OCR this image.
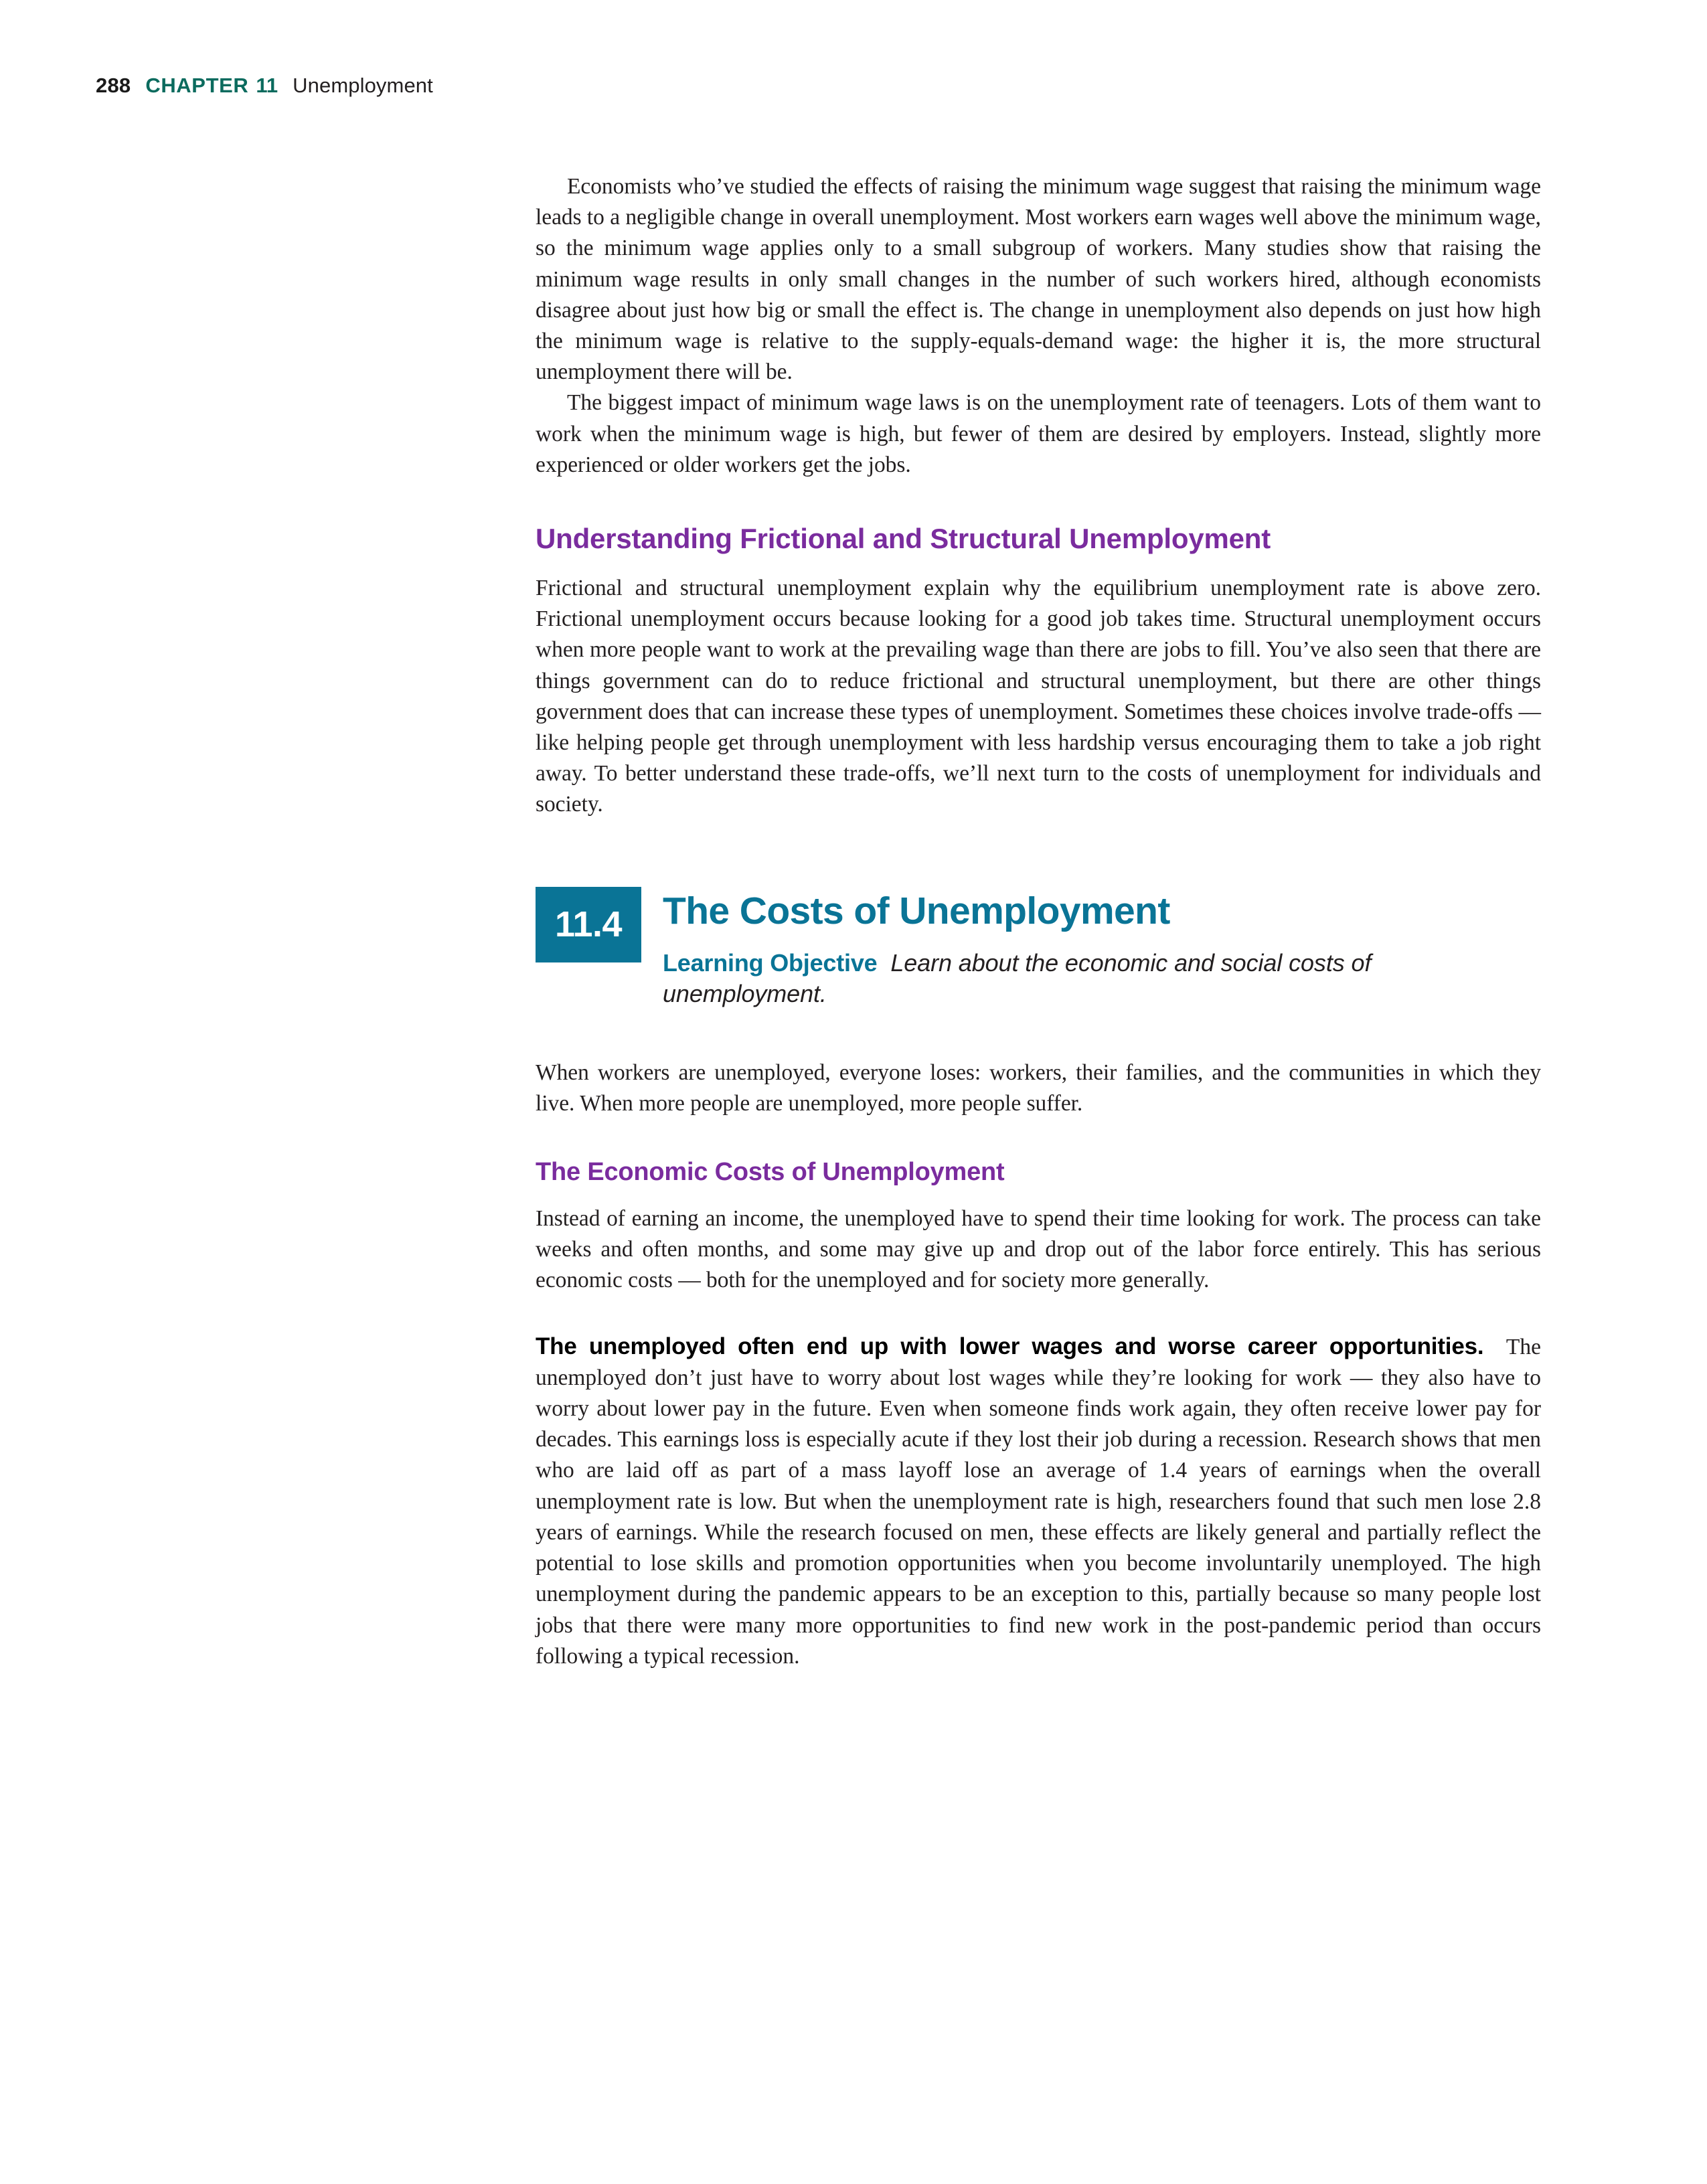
288 CHAPTER 11 Unemployment

Economists who’ve studied the effects of raising the minimum wage suggest that raising the minimum wage leads to a negligible change in overall unemployment. Most workers earn wages well above the minimum wage, so the minimum wage applies only to a small subgroup of workers. Many studies show that raising the minimum wage results in only small changes in the number of such workers hired, although economists disagree about just how big or small the effect is. The change in unemployment also depends on just how high the minimum wage is relative to the supply-equals-demand wage: the higher it is, the more structural unemployment there will be.

The biggest impact of minimum wage laws is on the unemployment rate of teenagers. Lots of them want to work when the minimum wage is high, but fewer of them are desired by employers. Instead, slightly more experienced or older workers get the jobs.

Understanding Frictional and Structural Unemployment

Frictional and structural unemployment explain why the equilibrium unemployment rate is above zero. Frictional unemployment occurs because looking for a good job takes time. Structural unemployment occurs when more people want to work at the prevailing wage than there are jobs to fill. You’ve also seen that there are things government can do to reduce frictional and structural unemployment, but there are other things government does that can increase these types of unemployment. Sometimes these choices involve trade-offs — like helping people get through unemployment with less hardship versus encouraging them to take a job right away. To better understand these trade-offs, we’ll next turn to the costs of unemployment for individuals and society.

11.4 The Costs of Unemployment
Learning Objective Learn about the economic and social costs of unemployment.

When workers are unemployed, everyone loses: workers, their families, and the communities in which they live. When more people are unemployed, more people suffer.

The Economic Costs of Unemployment

Instead of earning an income, the unemployed have to spend their time looking for work. The process can take weeks and often months, and some may give up and drop out of the labor force entirely. This has serious economic costs — both for the unemployed and for society more generally.

The unemployed often end up with lower wages and worse career opportunities. The unemployed don’t just have to worry about lost wages while they’re looking for work — they also have to worry about lower pay in the future. Even when someone finds work again, they often receive lower pay for decades. This earnings loss is especially acute if they lost their job during a recession. Research shows that men who are laid off as part of a mass layoff lose an average of 1.4 years of earnings when the overall unemployment rate is low. But when the unemployment rate is high, researchers found that such men lose 2.8 years of earnings. While the research focused on men, these effects are likely general and partially reflect the potential to lose skills and promotion opportunities when you become involuntarily unemployed. The high unemployment during the pandemic appears to be an exception to this, partially because so many people lost jobs that there were many more opportunities to find new work in the post-pandemic period than occurs following a typical recession.
